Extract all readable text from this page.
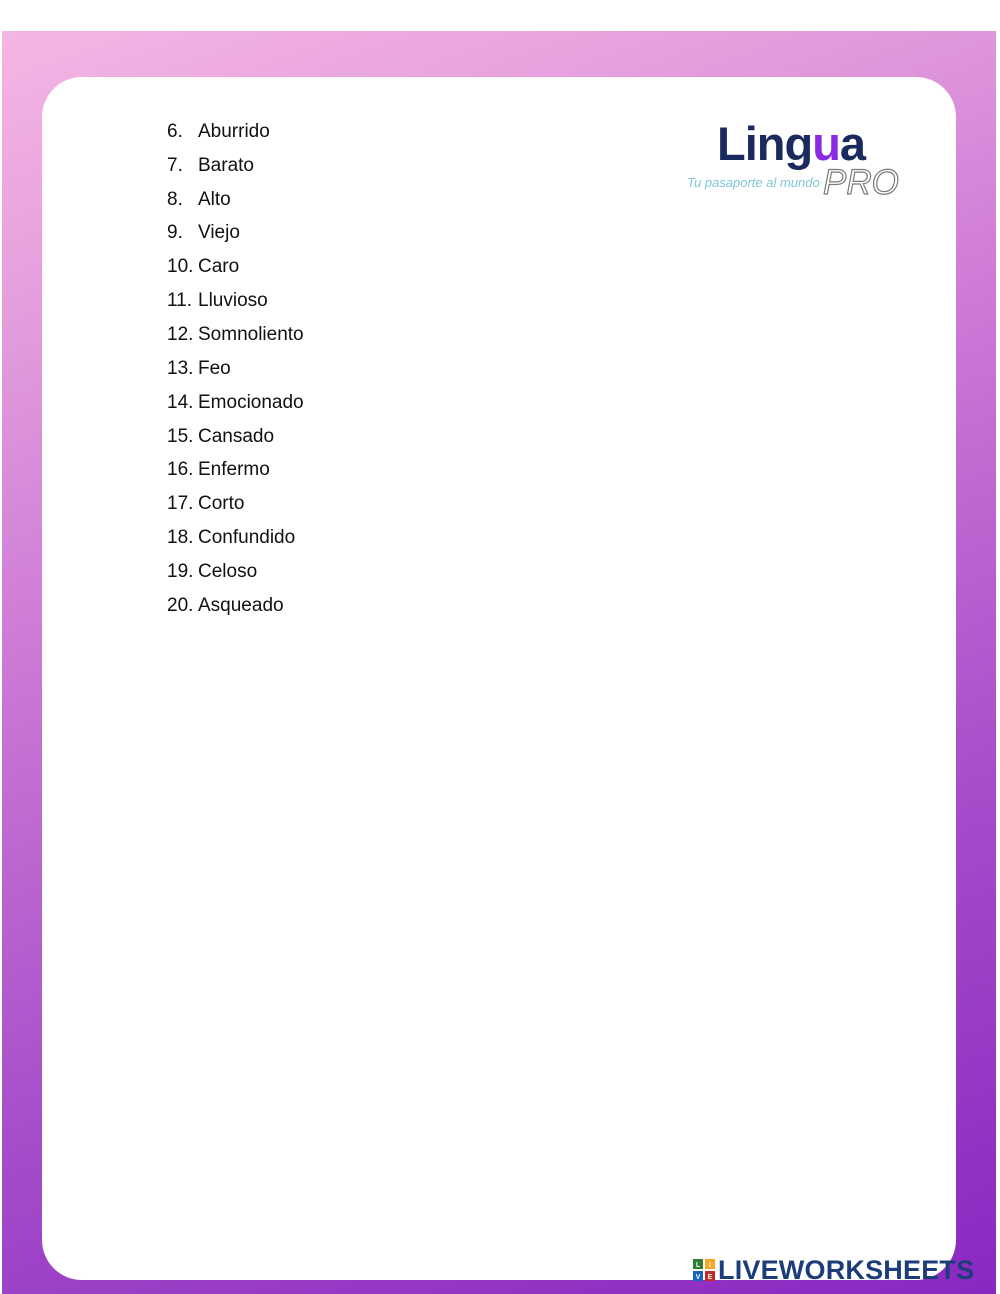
6. Aburrido
7. Barato
8. Alto
9. Viejo
10. Caro
11. Lluvioso
12. Somnoliento
13. Feo
14. Emocionado
15. Cansado
16. Enfermo
17. Corto
18. Confundido
19. Celoso
20. Asqueado
Lingua
Tu pasaporte al mundo PRO
L I
V E LIVEWORKSHEETS
